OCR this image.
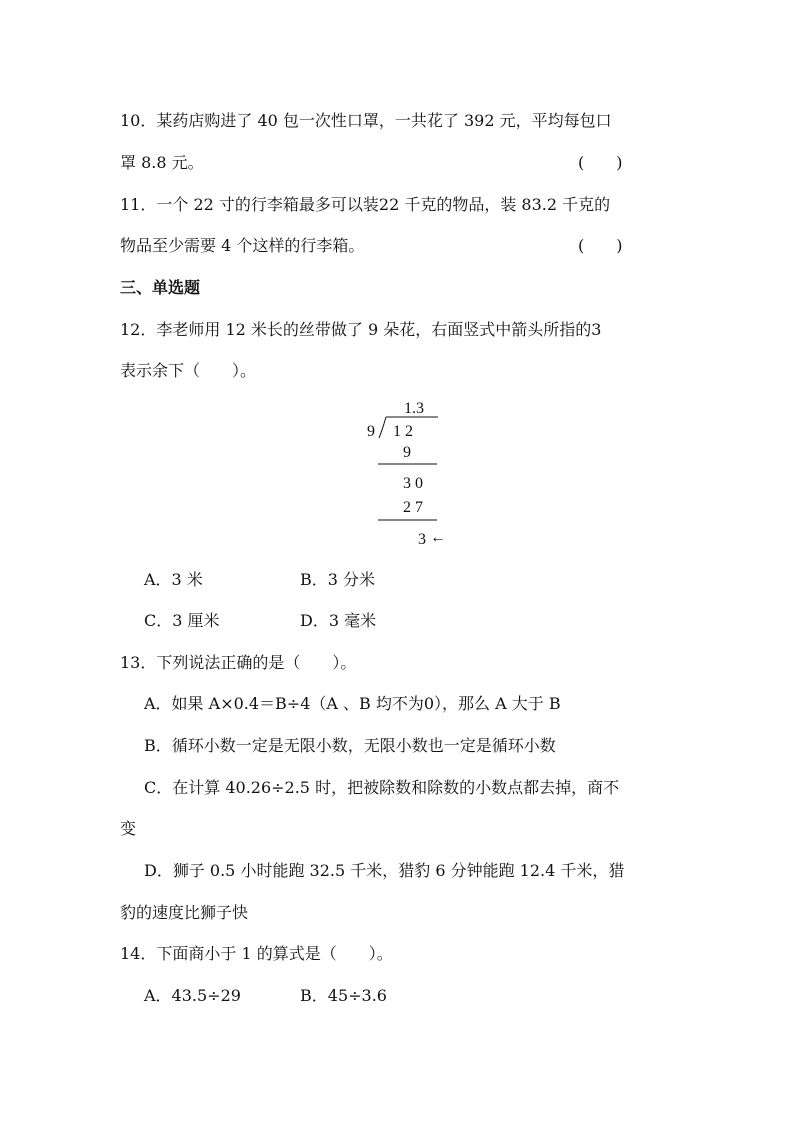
10．某药店购进了 40 包一次性口罩，一共花了 392 元，平均每包口
罩 8.8 元。	(　　)
11．一个 22 寸的行李箱最多可以装22 千克的物品，装 83.2 千克的
物品至少需要 4 个这样的行李箱。	(　　)
三、单选题
12．李老师用 12 米长的丝带做了 9 朵花，右面竖式中箭头所指的3
表示余下（　　）。
1.3
9 1 2
9
3 0
2 7
3 ←
A．3 米	B．3 分米
C．3 厘米	D．3 毫米
13．下列说法正确的是（　　）。
A．如果 A×0.4＝B÷4（A 、B 均不为0），那么 A 大于 B
B．循环小数一定是无限小数，无限小数也一定是循环小数
C．在计算 40.26÷2.5 时，把被除数和除数的小数点都去掉，商不
变
D．狮子 0.5 小时能跑 32.5 千米，猎豹 6 分钟能跑 12.4 千米，猎
豹的速度比狮子快
14．下面商小于 1 的算式是（　　）。
A．43.5÷29	B．45÷3.6
